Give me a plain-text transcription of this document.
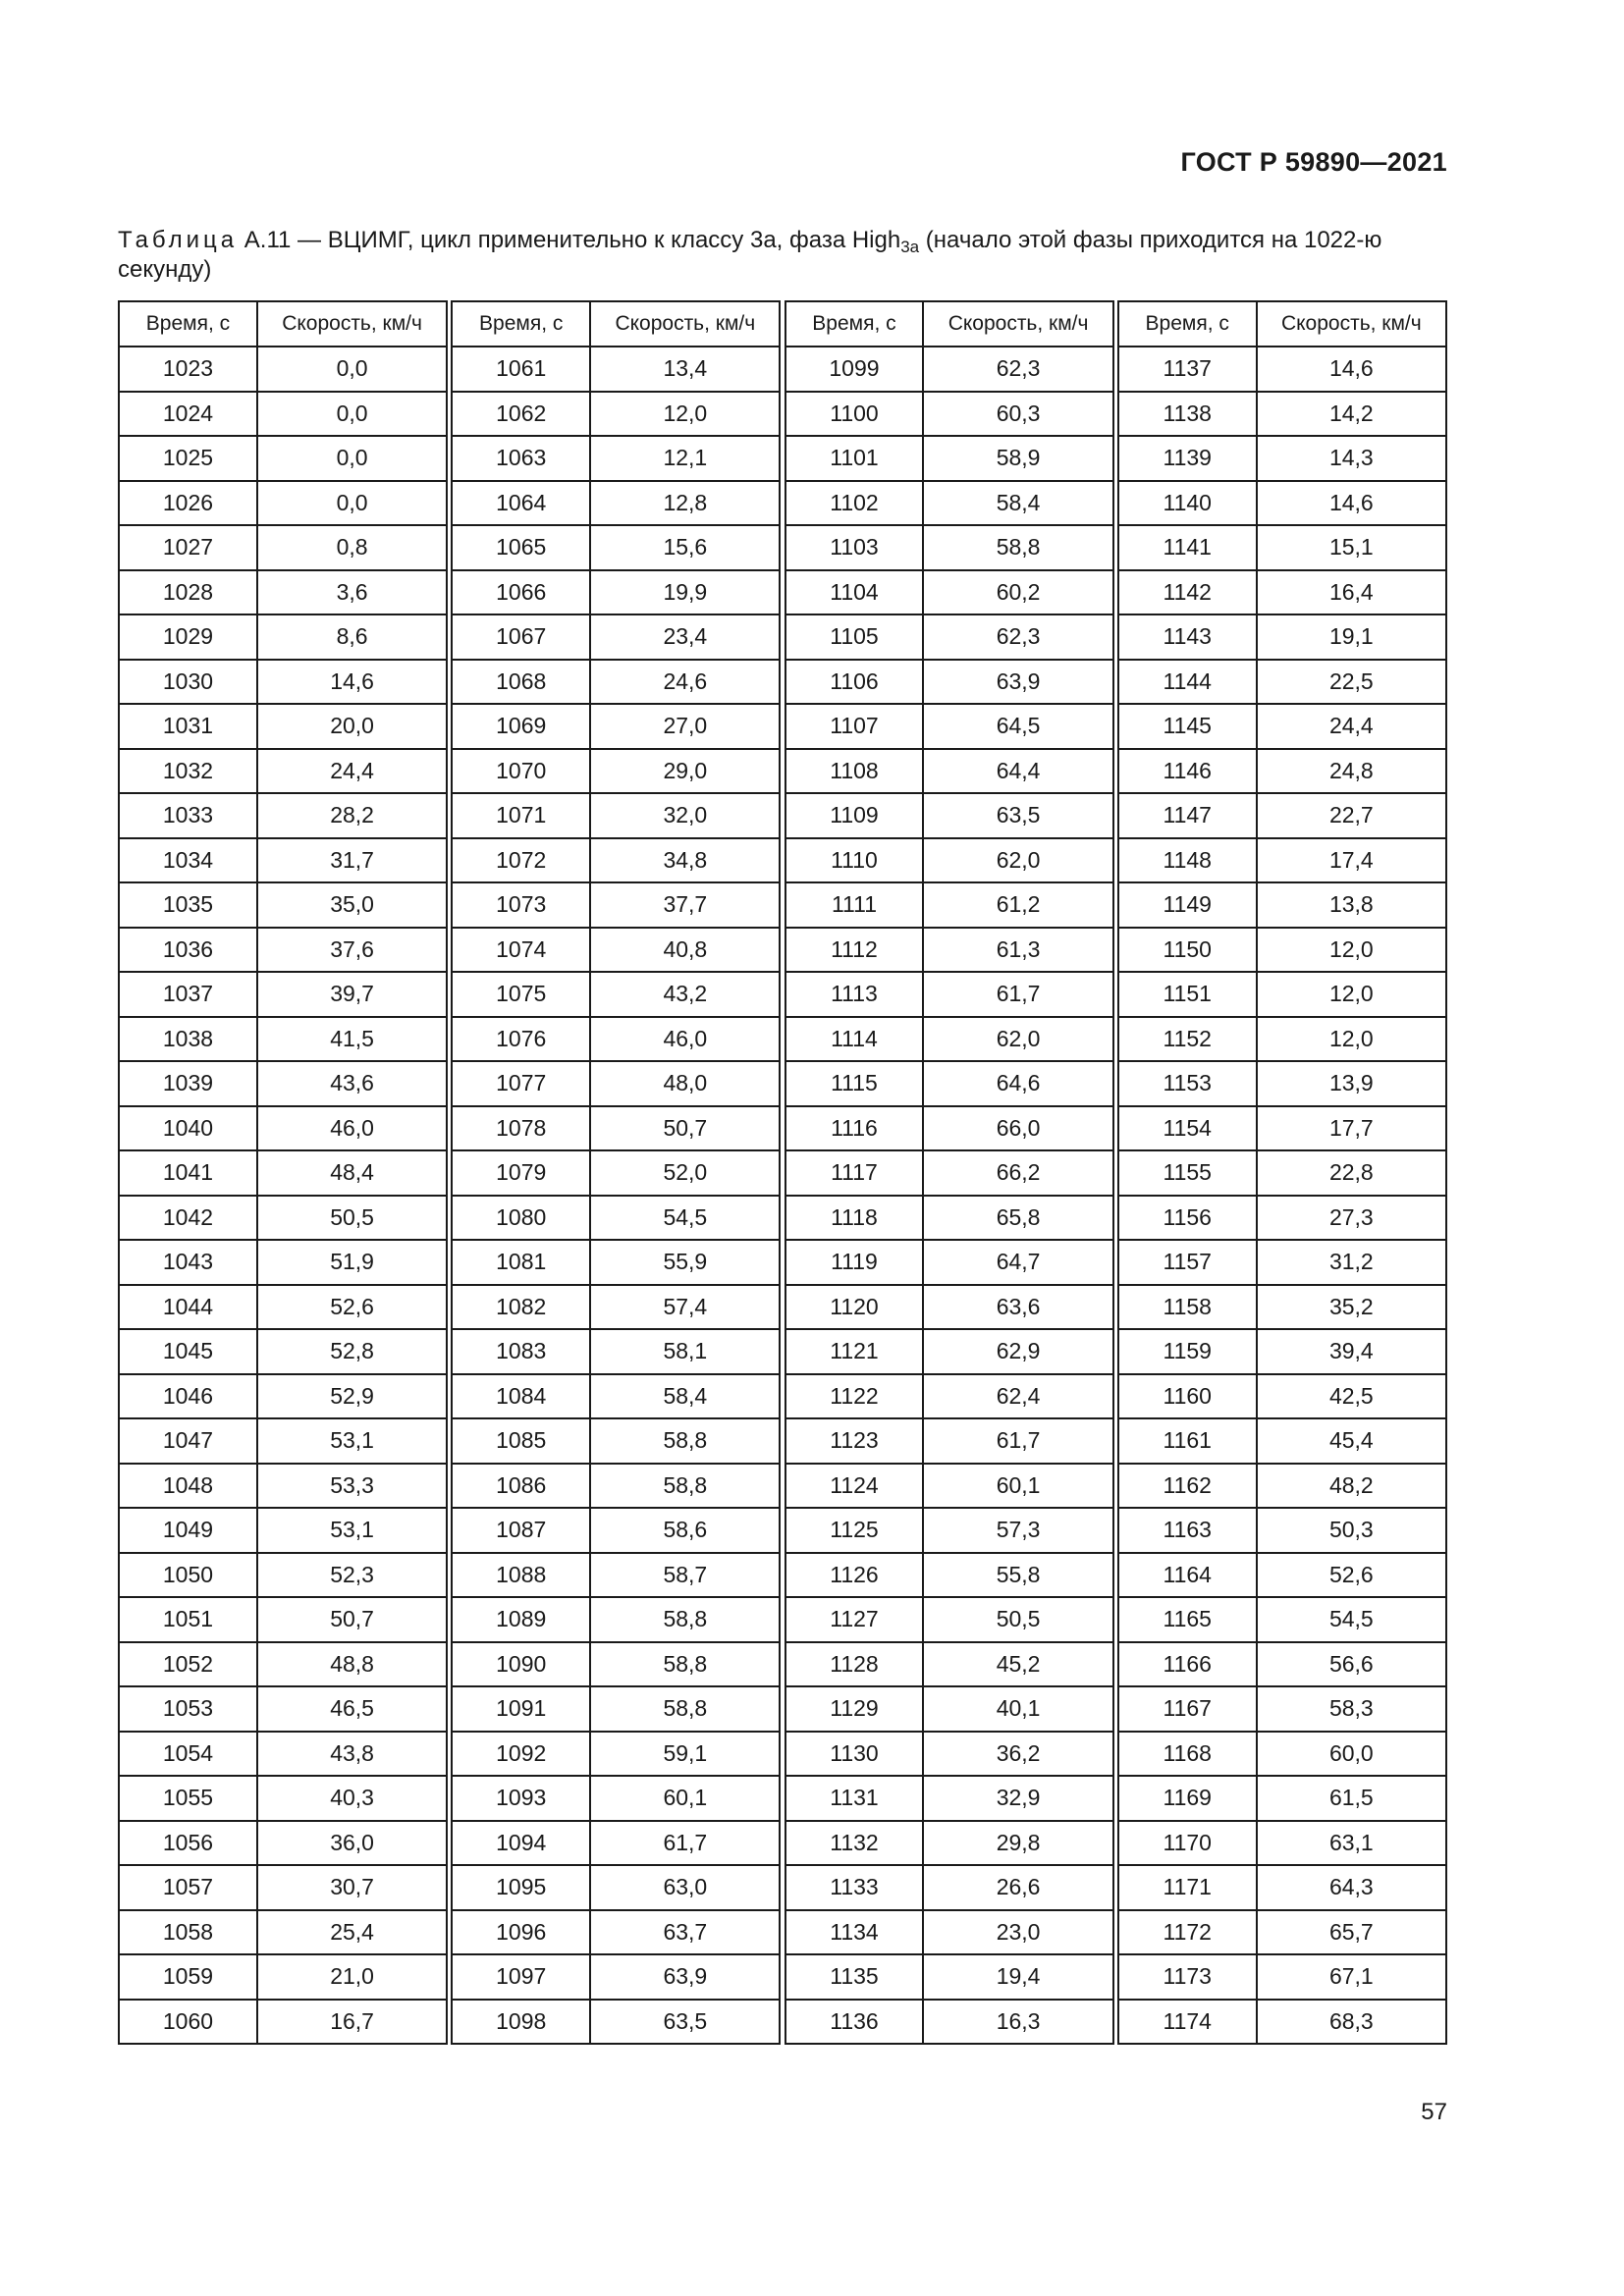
ГОСТ Р 59890—2021
Таблица А.11 — ВЦИМГ, цикл применительно к классу 3а, фаза High$_{3a}$ (начало этой фазы приходится на 1022-ю секунду)
Время, с	Скорость, км/ч		Время, с	Скорость, км/ч		Время, с	Скорость, км/ч		Время, с	Скорость, км/ч
1023	0,0		1061	13,4		1099	62,3		1137	14,6
1024	0,0		1062	12,0		1100	60,3		1138	14,2
1025	0,0		1063	12,1		1101	58,9		1139	14,3
1026	0,0		1064	12,8		1102	58,4		1140	14,6
1027	0,8		1065	15,6		1103	58,8		1141	15,1
1028	3,6		1066	19,9		1104	60,2		1142	16,4
1029	8,6		1067	23,4		1105	62,3		1143	19,1
1030	14,6		1068	24,6		1106	63,9		1144	22,5
1031	20,0		1069	27,0		1107	64,5		1145	24,4
1032	24,4		1070	29,0		1108	64,4		1146	24,8
1033	28,2		1071	32,0		1109	63,5		1147	22,7
1034	31,7		1072	34,8		1110	62,0		1148	17,4
1035	35,0		1073	37,7		1111	61,2		1149	13,8
1036	37,6		1074	40,8		1112	61,3		1150	12,0
1037	39,7		1075	43,2		1113	61,7		1151	12,0
1038	41,5		1076	46,0		1114	62,0		1152	12,0
1039	43,6		1077	48,0		1115	64,6		1153	13,9
1040	46,0		1078	50,7		1116	66,0		1154	17,7
1041	48,4		1079	52,0		1117	66,2		1155	22,8
1042	50,5		1080	54,5		1118	65,8		1156	27,3
1043	51,9		1081	55,9		1119	64,7		1157	31,2
1044	52,6		1082	57,4		1120	63,6		1158	35,2
1045	52,8		1083	58,1		1121	62,9		1159	39,4
1046	52,9		1084	58,4		1122	62,4		1160	42,5
1047	53,1		1085	58,8		1123	61,7		1161	45,4
1048	53,3		1086	58,8		1124	60,1		1162	48,2
1049	53,1		1087	58,6		1125	57,3		1163	50,3
1050	52,3		1088	58,7		1126	55,8		1164	52,6
1051	50,7		1089	58,8		1127	50,5		1165	54,5
1052	48,8		1090	58,8		1128	45,2		1166	56,6
1053	46,5		1091	58,8		1129	40,1		1167	58,3
1054	43,8		1092	59,1		1130	36,2		1168	60,0
1055	40,3		1093	60,1		1131	32,9		1169	61,5
1056	36,0		1094	61,7		1132	29,8		1170	63,1
1057	30,7		1095	63,0		1133	26,6		1171	64,3
1058	25,4		1096	63,7		1134	23,0		1172	65,7
1059	21,0		1097	63,9		1135	19,4		1173	67,1
1060	16,7		1098	63,5		1136	16,3		1174	68,3
57
